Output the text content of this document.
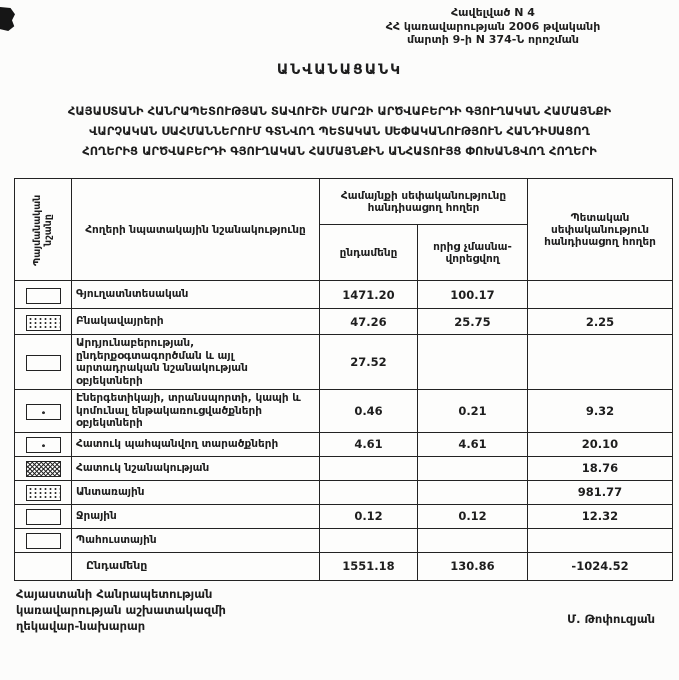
Հավելված N 4
ՀՀ կառավարության 2006 թվականի
մարտի 9-ի N 374-Ն որոշման
ԱՆՎԱՆԱՑԱՆԿ
ՀԱՅԱՍՏԱՆԻ ՀԱՆՐԱՊԵՏՈՒԹՅԱՆ ՏԱՎՈՒՇԻ ՄԱՐԶԻ ԱՐԾՎԱԲԵՐԴԻ ԳՅՈՒՂԱԿԱՆ ՀԱՄԱՅՆՔԻ
ՎԱՐՉԱԿԱՆ ՍԱՀՄԱՆՆԵՐՈՒՄ ԳՏՆՎՈՂ ՊԵՏԱԿԱՆ ՍԵՓԱԿԱՆՈՒԹՅՈՒՆ ՀԱՆԴԻՍԱՑՈՂ
ՀՈՂԵՐԻՑ ԱՐԾՎԱԲԵՐԴԻ ԳՅՈՒՂԱԿԱՆ ՀԱՄԱՅՆՔԻՆ ԱՆՀԱՏՈՒՅՑ ՓՈԽԱՆՑՎՈՂ ՀՈՂԵՐԻ
Պայմանական նշանը	Հողերի նպատակային նշանակությունը	Համայնքի սեփականությունը հանդիսացող հողեր		Պետական սեփականություն հանդիսացող հողեր
		ընդամենը	որից չմասնա-վորեցվող	
	Գյուղատնտեսական	1471.20	100.17	
	Բնակավայրերի	47.26	25.75	2.25
	Արդյունաբերության, ընդերքօգտագործման և այլ արտադրական նշանակության օբյեկտների	27.52		
	Էներգետիկայի, տրանսպորտի, կապի և կոմունալ ենթակառուցվածքների օբյեկտների	0.46	0.21	9.32
	Հատուկ պահպանվող տարածքների	4.61	4.61	20.10
	Հատուկ նշանակության			18.76
	Անտառային			981.77
	Ջրային	0.12	0.12	12.32
	Պահուստային			
	Ընդամենը	1551.18	130.86	-1024.52
Հայաստանի Հանրապետության
կառավարության աշխատակազմի
ղեկավար-նախարար	Մ. Թոփուզյան
